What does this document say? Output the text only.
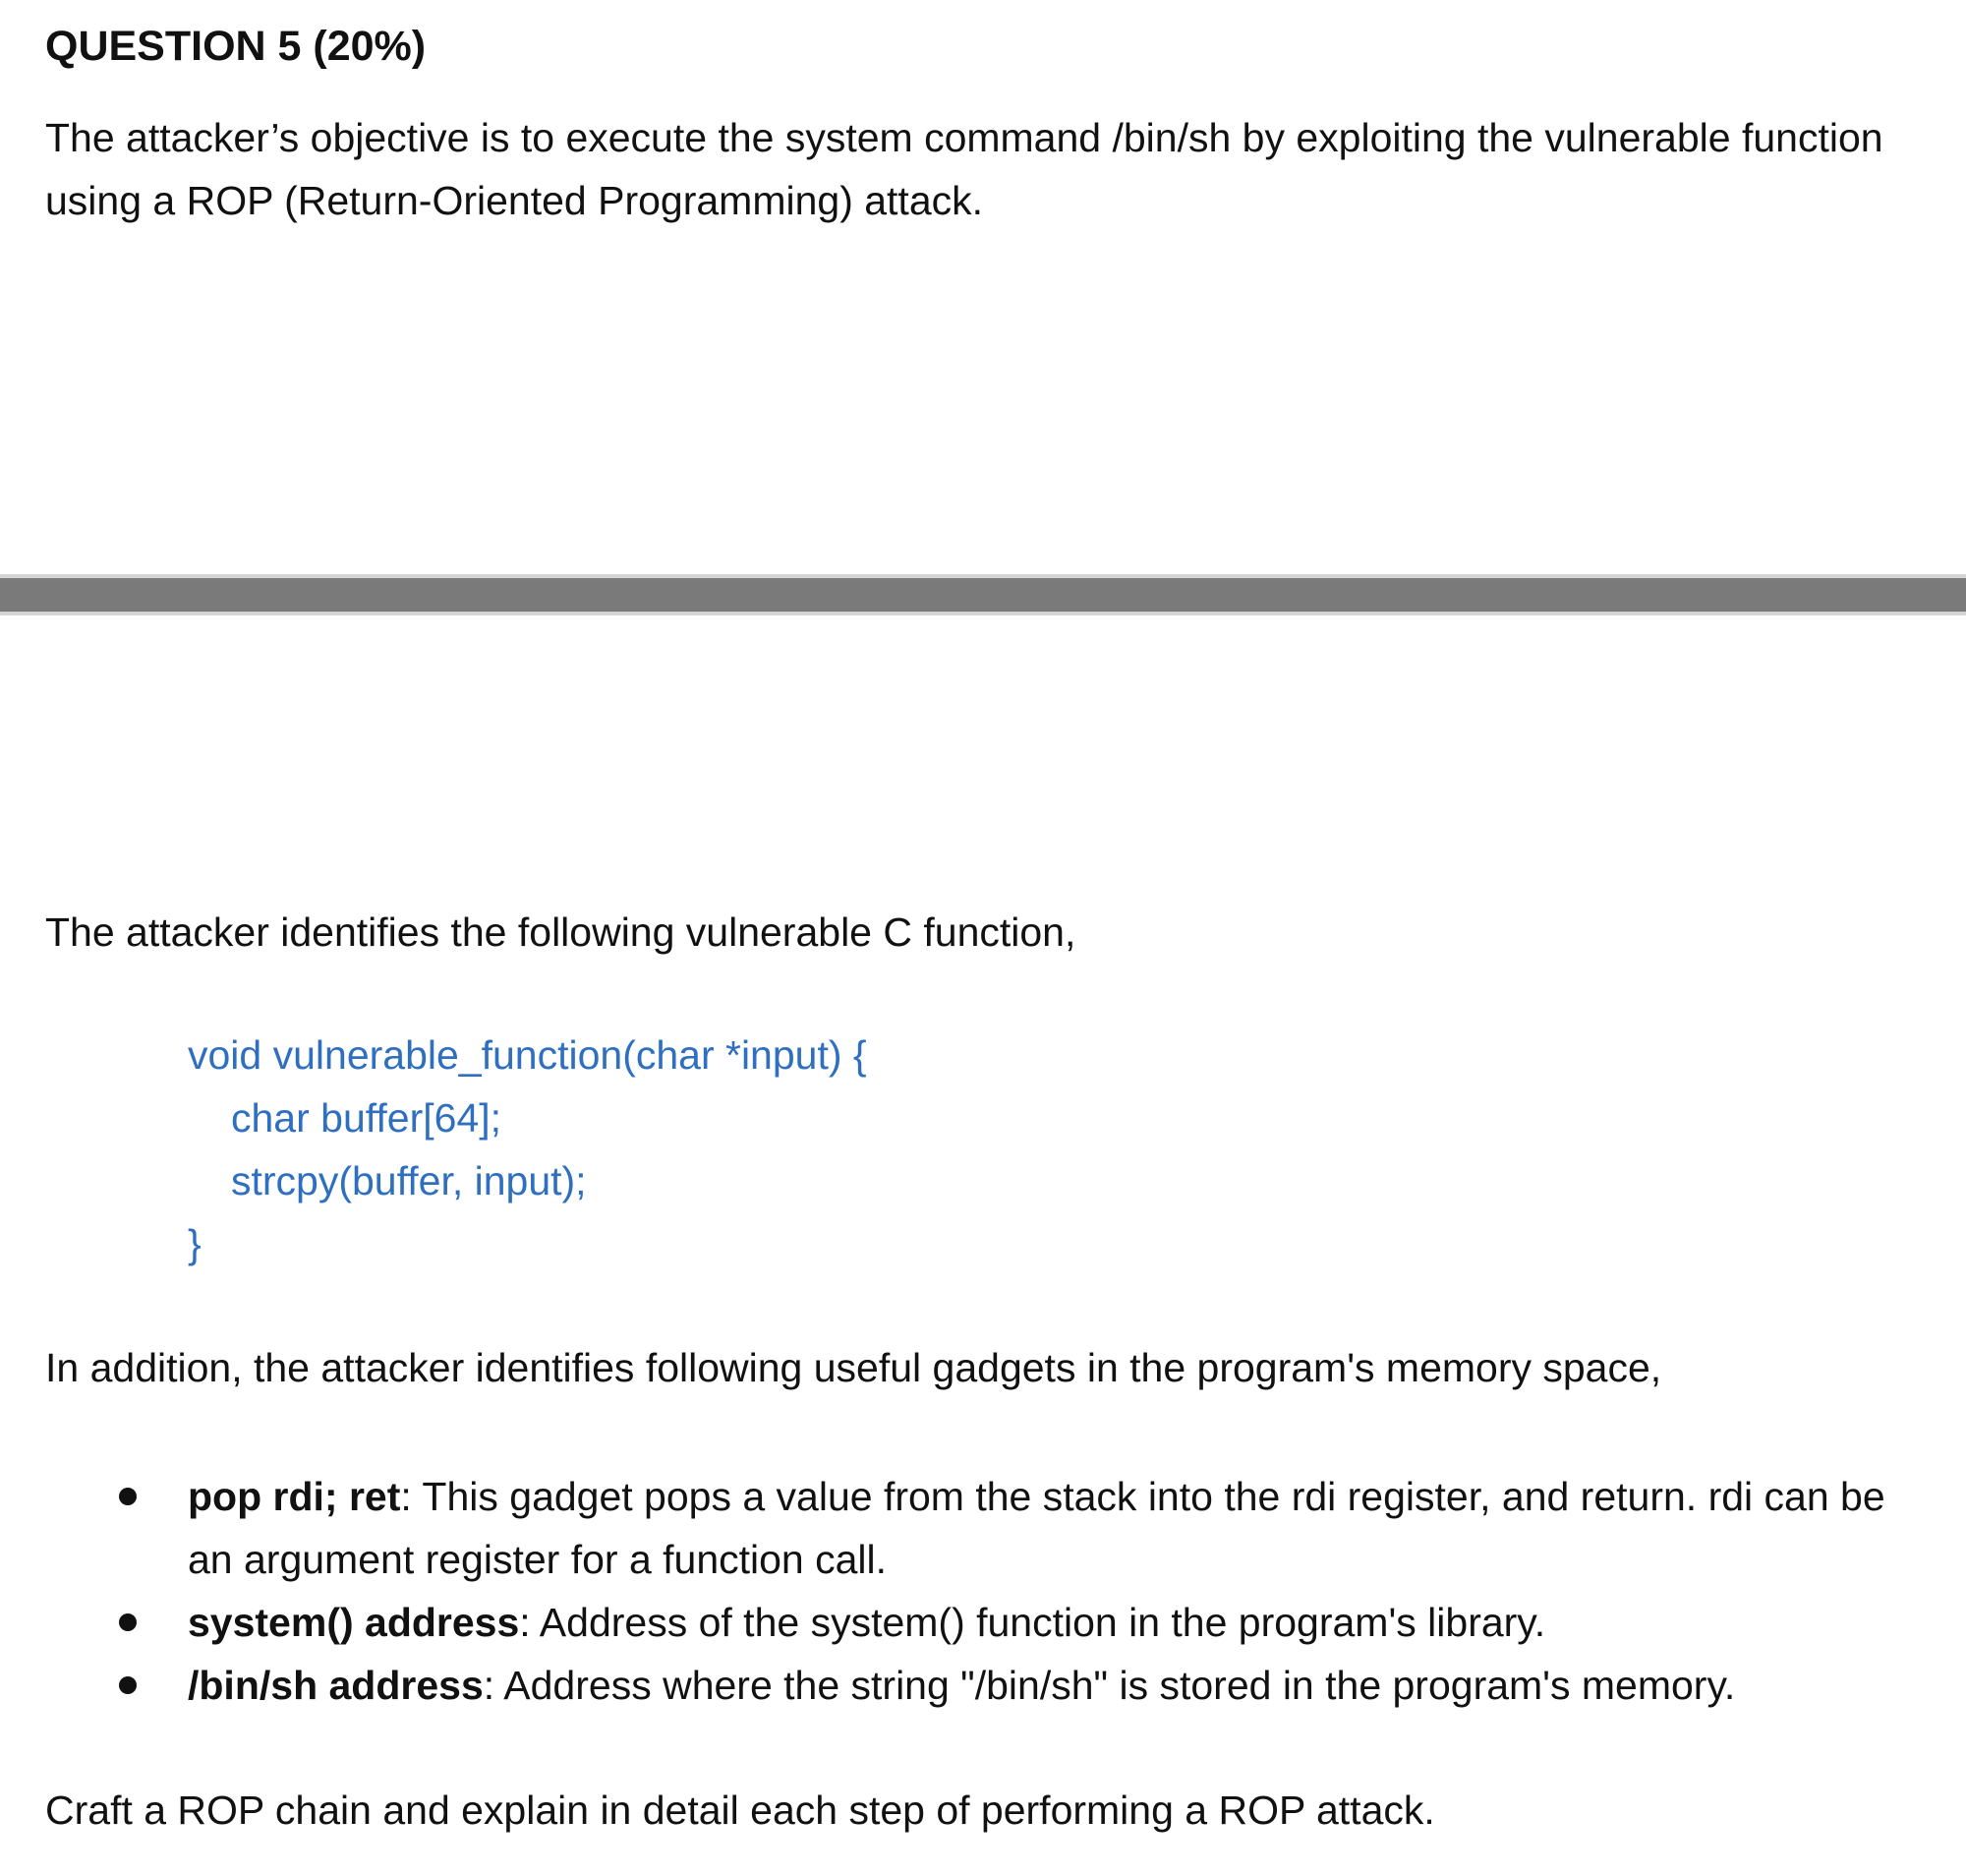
QUESTION 5 (20%)

The attacker’s objective is to execute the system command /bin/sh by exploiting the vulnerable function using a ROP (Return-Oriented Programming) attack.

The attacker identifies the following vulnerable C function,

void vulnerable_function(char *input) {
char buffer[64];
strcpy(buffer, input);
}

In addition, the attacker identifies following useful gadgets in the program's memory space,

pop rdi; ret: This gadget pops a value from the stack into the rdi register, and return. rdi can be an argument register for a function call.
system() address: Address of the system() function in the program's library.
/bin/sh address: Address where the string "/bin/sh" is stored in the program's memory.

Craft a ROP chain and explain in detail each step of performing a ROP attack.
